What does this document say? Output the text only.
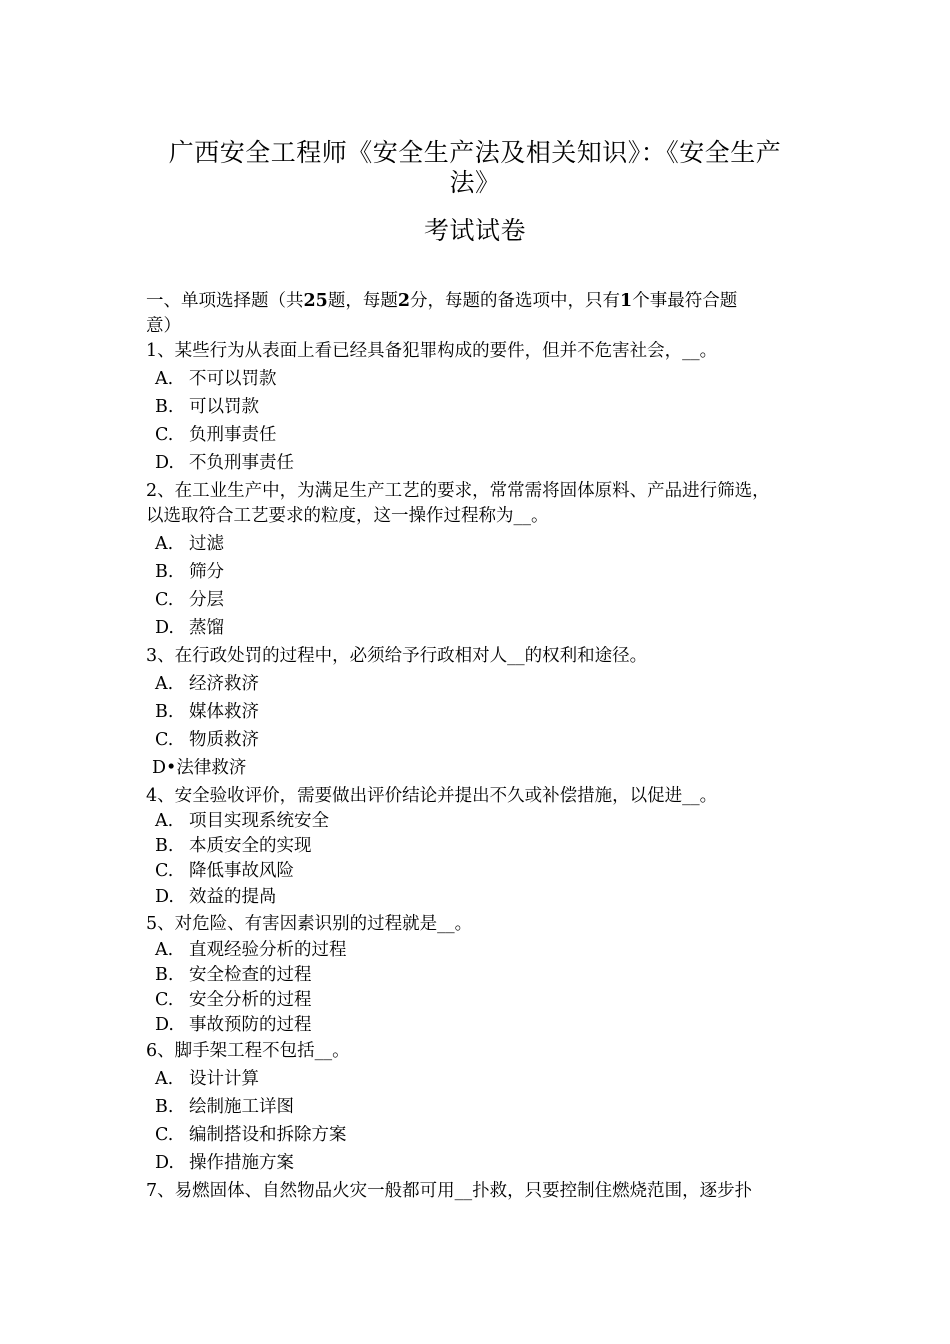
广西安全工程师《安全生产法及相关知识》：《安全生产
法》
考试试卷
一、单项选择题（共25题，每题2分，每题的备选项中，只有1个事最符合题
意）
1、某些行为从表面上看已经具备犯罪构成的要件，但并不危害社会，__。
A. 不可以罚款
B. 可以罚款
C. 负刑事责任
D. 不负刑事责任
2、在工业生产中，为满足生产工艺的要求，常常需将固体原料、产品进行筛选，
以选取符合工艺要求的粒度，这一操作过程称为__。
A. 过滤
B. 筛分
C. 分层
D. 蒸馏
3、在行政处罚的过程中，必须给予行政相对人__的权利和途径。
A. 经济救济
B. 媒体救济
C. 物质救济
D•法律救济
4、安全验收评价，需要做出评价结论并提出不久或补偿措施，以促进__。
A. 项目实现系统安全
B. 本质安全的实现
C. 降低事故风险
D. 效益的提咼
5、对危险、有害因素识别的过程就是__。
A. 直观经验分析的过程
B. 安全检查的过程
C. 安全分析的过程
D. 事故预防的过程
6、脚手架工程不包括__。
A. 设计计算
B. 绘制施工详图
C. 编制搭设和拆除方案
D. 操作措施方案
7、易燃固体、自然物品火灾一般都可用__扑救，只要控制住燃烧范围，逐步扑
